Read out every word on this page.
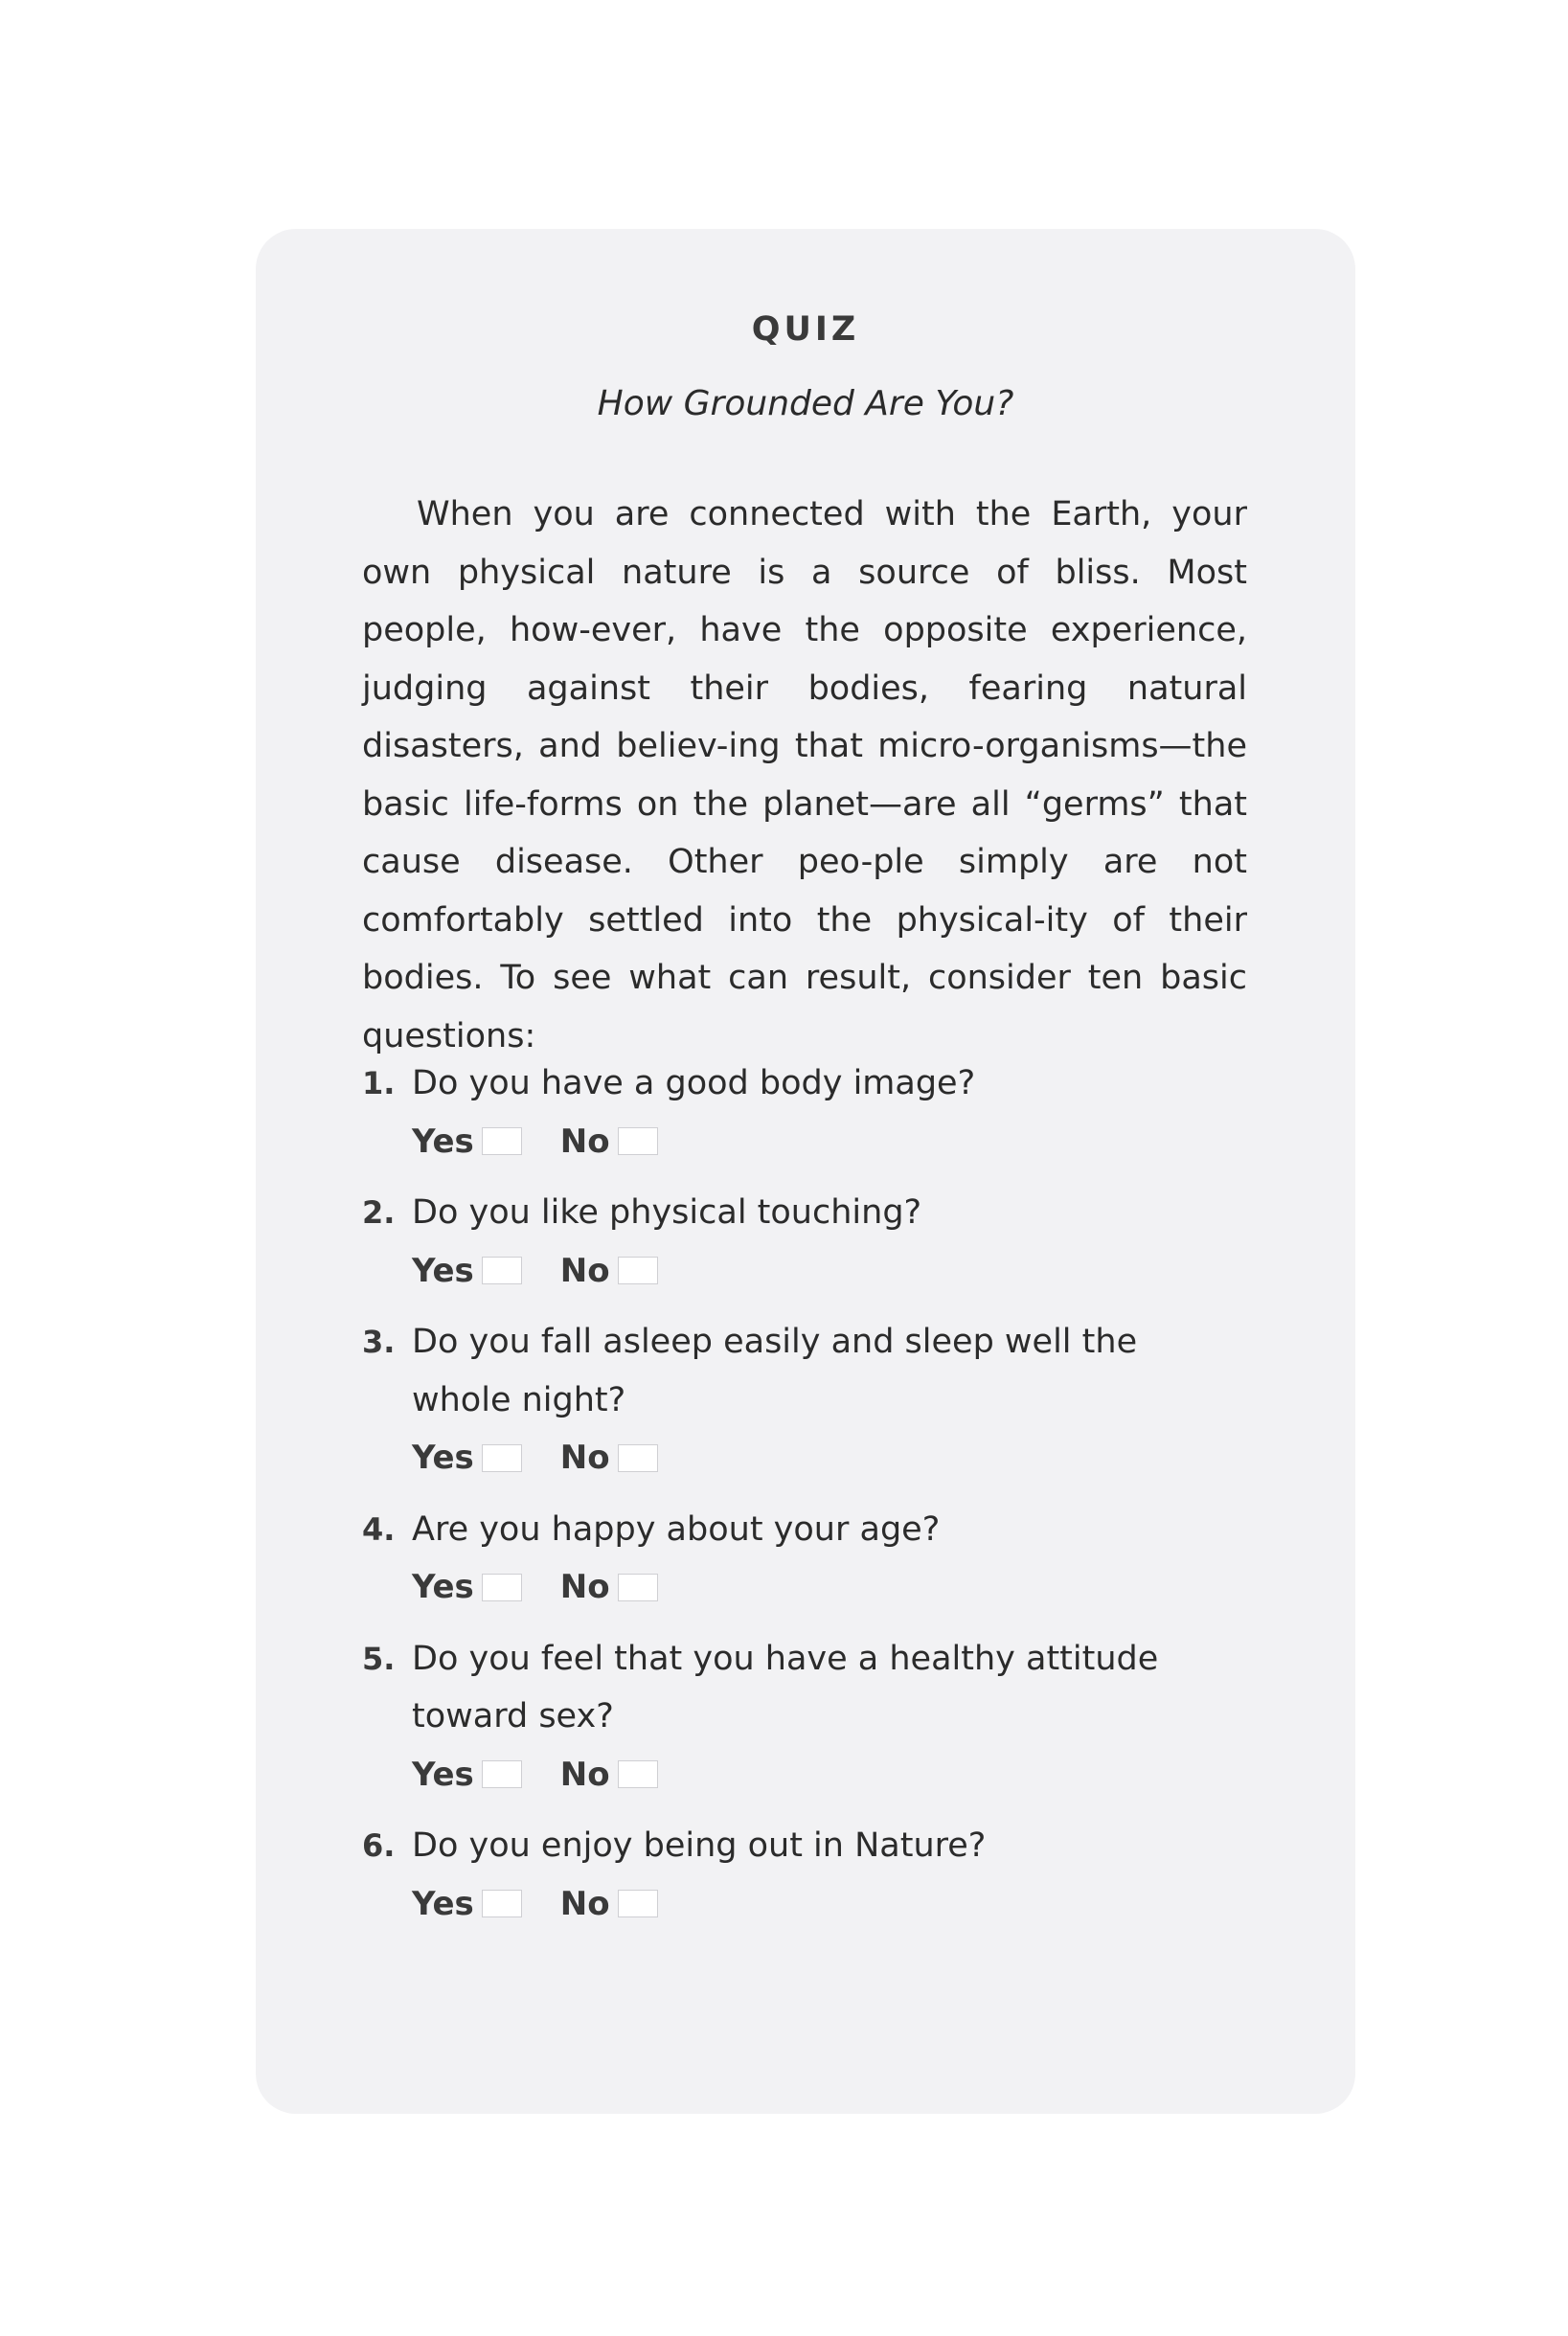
QUIZ
How Grounded Are You?

When you are connected with the Earth, your own physical nature is a source of bliss. Most people, how-ever, have the opposite experience, judging against their bodies, fearing natural disasters, and believ-ing that micro-organisms—the basic life-forms on the planet—are all “germs” that cause disease. Other peo-ple simply are not comfortably settled into the physical-ity of their bodies. To see what can result, consider ten basic questions:

1. Do you have a good body image?
Yes	No
2. Do you like physical touching?
Yes	No
3. Do you fall asleep easily and sleep well the whole night?
Yes	No
4. Are you happy about your age?
Yes	No
5. Do you feel that you have a healthy attitude toward sex?
Yes	No
6. Do you enjoy being out in Nature?
Yes	No
